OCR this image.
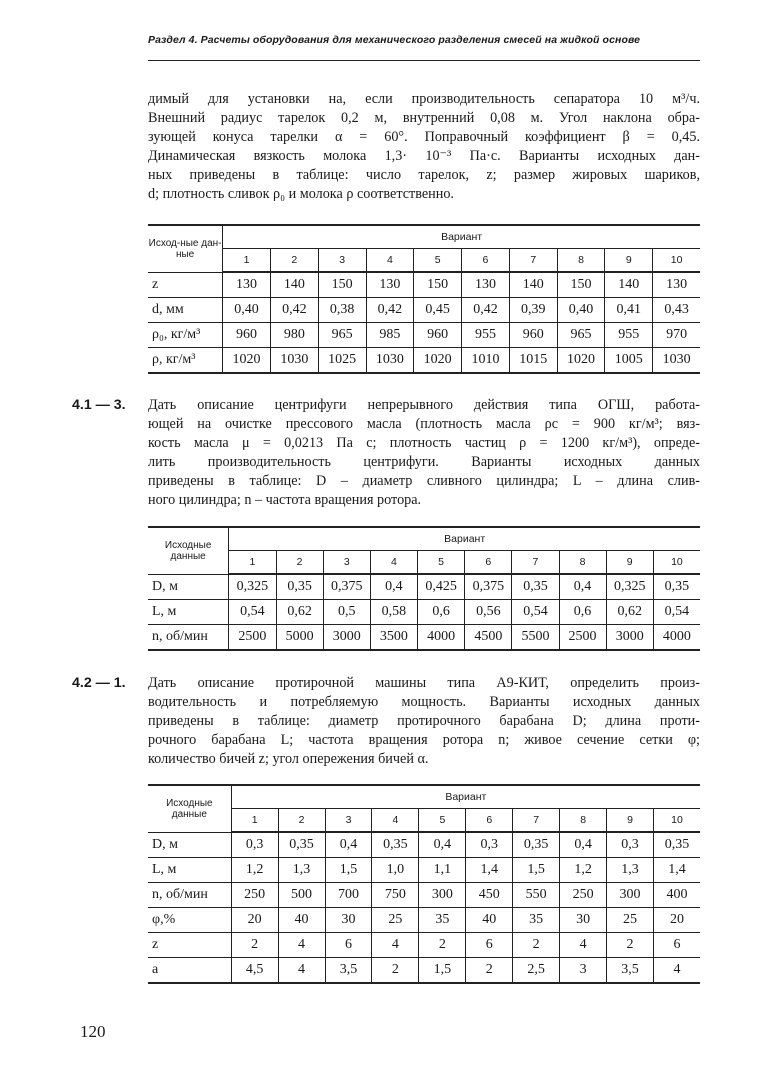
Раздел 4. Расчеты оборудования для механического разделения смесей на жидкой основе

димый для установки на, если производительность сепаратора 10 м³/ч.

Внешний радиус тарелок 0,2 м, внутренний 0,08 м. Угол наклона обра-

зующей конуса тарелки α = 60°. Поправочный коэффициент β = 0,45.

Динамическая вязкость молока 1,3· 10⁻³ Па·с. Варианты исходных дан-

ных приведены в таблице: число тарелок, z; размер жировых шариков,

d; плотность сливок ρ₀ и молока ρ соответственно.

Исход-ные дан-ные	Вариант									
	1	2	3	4	5	6	7	8	9	10
z	130	140	150	130	150	130	140	150	140	130
d, мм	0,40	0,42	0,38	0,42	0,45	0,42	0,39	0,40	0,41	0,43
ρ₀, кг/м³	960	980	965	985	960	955	960	965	955	970
ρ, кг/м³	1020	1030	1025	1030	1020	1010	1015	1020	1005	1030
4.1 — 3. Дать описание центрифуги непрерывного действия типа ОГШ, работа-

ющей на очистке прессового масла (плотность масла ρc = 900 кг/м³; вяз-

кость масла μ = 0,0213 Па с; плотность частиц ρ = 1200 кг/м³), опреде-

лить производительность центрифуги. Варианты исходных данных

приведены в таблице: D – диаметр сливного цилиндра; L – длина слив-

ного цилиндра; n – частота вращения ротора.

Исходные данные	Вариант									
	1	2	3	4	5	6	7	8	9	10
D, м	0,325	0,35	0,375	0,4	0,425	0,375	0,35	0,4	0,325	0,35
L, м	0,54	0,62	0,5	0,58	0,6	0,56	0,54	0,6	0,62	0,54
n, об/мин	2500	5000	3000	3500	4000	4500	5500	2500	3000	4000
4.2 — 1. Дать описание протирочной машины типа А9-КИТ, определить произ-

водительность и потребляемую мощность. Варианты исходных данных

приведены в таблице: диаметр протирочного барабана D; длина проти-

рочного барабана L; частота вращения ротора n; живое сечение сетки φ;

количество бичей z; угол опережения бичей α.

Исходные данные	Вариант									
	1	2	3	4	5	6	7	8	9	10
D, м	0,3	0,35	0,4	0,35	0,4	0,3	0,35	0,4	0,3	0,35
L, м	1,2	1,3	1,5	1,0	1,1	1,4	1,5	1,2	1,3	1,4
n, об/мин	250	500	700	750	300	450	550	250	300	400
φ,%	20	40	30	25	35	40	35	30	25	20
z	2	4	6	4	2	6	2	4	2	6
a	4,5	4	3,5	2	1,5	2	2,5	3	3,5	4
120
